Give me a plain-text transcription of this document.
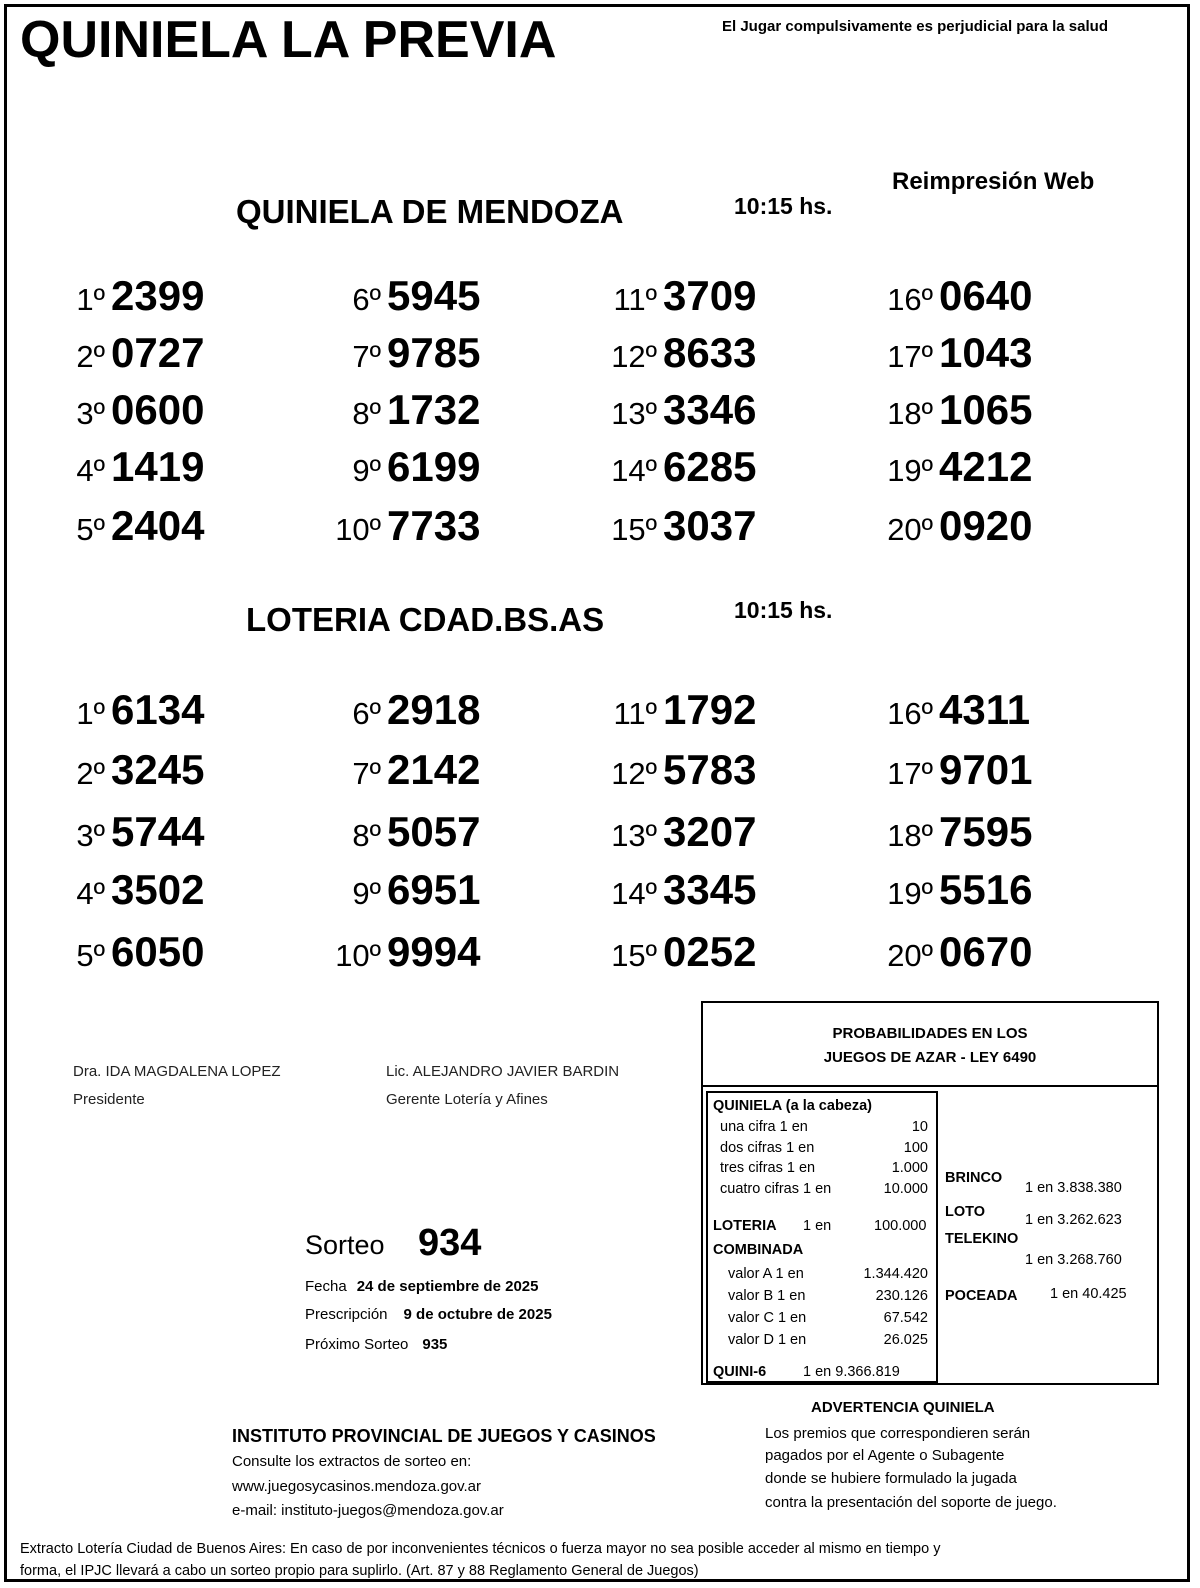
QUINIELA LA PREVIA	El Jugar compulsivamente es perjudicial para la salud
Reimpresión Web
QUINIELA DE MENDOZA	10:15 hs.
1º 2399
2º 0727
3º 0600
4º 1419
5º 2404
6º 5945
7º 9785
8º 1732
9º 6199
10º 7733
11º 3709
12º 8633
13º 3346
14º 6285
15º 3037
16º 0640
17º 1043
18º 1065
19º 4212
20º 0920
LOTERIA CDAD.BS.AS	10:15 hs.
1º 6134
2º 3245
3º 5744
4º 3502
5º 6050
6º 2918
7º 2142
8º 5057
9º 6951
10º 9994
11º 1792
12º 5783
13º 3207
14º 3345
15º 0252
16º 4311
17º 9701
18º 7595
19º 5516
20º 0670
Dra. IDA MAGDALENA LOPEZ
Presidente
Lic. ALEJANDRO JAVIER BARDIN
Gerente Lotería y Afines
Sorteo 934
Fecha 24 de septiembre de 2025
Prescripción 9 de octubre de 2025
Próximo Sorteo 935
PROBABILIDADES EN LOS
JUEGOS DE AZAR - LEY 6490
QUINIELA (a la cabeza)
una cifra 1 en	10
dos cifras 1 en	100
tres cifras 1 en	1.000
cuatro cifras 1 en	10.000
LOTERIA 1 en	100.000
COMBINADA
valor A 1 en	1.344.420
valor B 1 en	230.126
valor C 1 en	67.542
valor D 1 en	26.025
QUINI-6	1 en 9.366.819
BRINCO
1 en 3.838.380
LOTO	1 en 3.262.623
TELEKINO
1 en 3.268.760
POCEADA 1 en 40.425
ADVERTENCIA QUINIELA
Los premios que correspondieren serán
pagados por el Agente o Subagente
donde se hubiere formulado la jugada
contra la presentación del soporte de juego.
INSTITUTO PROVINCIAL DE JUEGOS Y CASINOS
Consulte los extractos de sorteo en:
www.juegosycasinos.mendoza.gov.ar
e-mail: instituto-juegos@mendoza.gov.ar
Extracto Lotería Ciudad de Buenos Aires: En caso de por inconvenientes técnicos o fuerza mayor no sea posible acceder al mismo en tiempo y
forma, el IPJC llevará a cabo un sorteo propio para suplirlo. (Art. 87 y 88 Reglamento General de Juegos)
